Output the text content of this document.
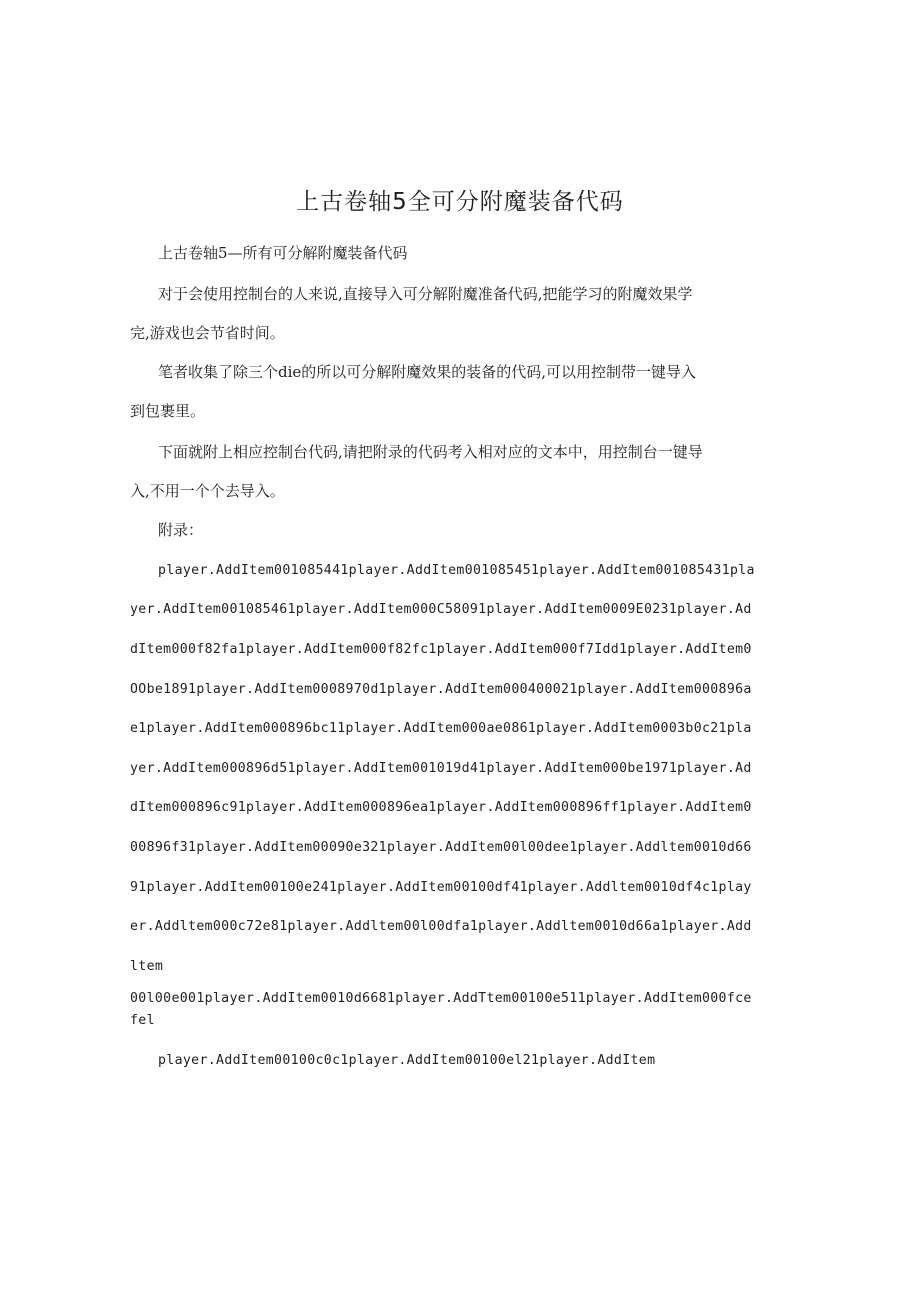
上古卷轴5全可分附魔装备代码
上古卷轴5—所有可分解附魔装备代码
对于会使用控制台的人来说,直接导入可分解附魔准备代码,把能学习的附魔效果学
完,游戏也会节省时间。
笔者收集了除三个die的所以可分解附魔效果的装备的代码,可以用控制带一键导入
到包裹里。
下面就附上相应控制台代码,请把附录的代码考入相对应的文本中，用控制台一键导
入,不用一个个去导入。
附录：
player.AddItem001085441player.AddItem001085451player.AddItem001085431pla
yer.AddItem001085461player.AddItem000C58091player.AddItem0009E0231player.Ad
dItem000f82fa1player.AddItem000f82fc1player.AddItem000f7Idd1player.AddItem0
OObe1891player.AddItem0008970d1player.AddItem000400021player.AddItem000896a
e1player.AddItem000896bc11player.AddItem000ae0861player.AddItem0003b0c21pla
yer.AddItem000896d51player.AddItem001019d41player.AddItem000be1971player.Ad
dItem000896c91player.AddItem000896ea1player.AddItem000896ff1player.AddItem0
00896f31player.AddItem00090e321player.AddItem00l00dee1player.Addltem0010d66
91player.AddItem00100e241player.AddItem00100df41player.Addltem0010df4c1play
er.Addltem000c72e81player.Addltem00l00dfa1player.Addltem0010d66a1player.Add
ltem
00l00e001player.AddItem0010d6681player.AddTtem00100e511player.AddItem000fce
fel
player.AddItem00100c0c1player.AddItem00100el21player.AddItem
